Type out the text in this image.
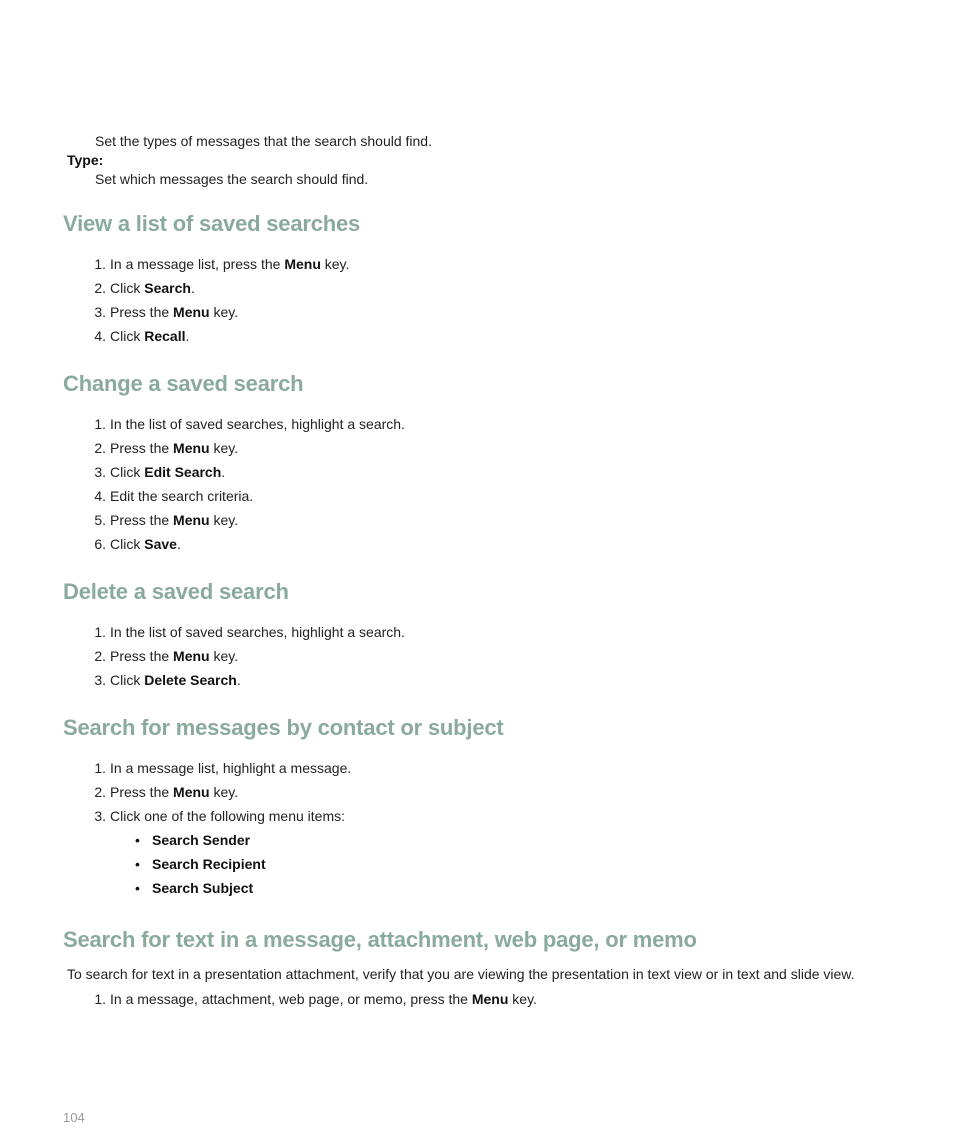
Set the types of messages that the search should find.
Type:
Set which messages the search should find.
View a list of saved searches
1. In a message list, press the Menu key.
2. Click Search.
3. Press the Menu key.
4. Click Recall.
Change a saved search
1. In the list of saved searches, highlight a search.
2. Press the Menu key.
3. Click Edit Search.
4. Edit the search criteria.
5. Press the Menu key.
6. Click Save.
Delete a saved search
1. In the list of saved searches, highlight a search.
2. Press the Menu key.
3. Click Delete Search.
Search for messages by contact or subject
1. In a message list, highlight a message.
2. Press the Menu key.
3. Click one of the following menu items:
• Search Sender
• Search Recipient
• Search Subject
Search for text in a message, attachment, web page, or memo
To search for text in a presentation attachment, verify that you are viewing the presentation in text view or in text and slide view.
1. In a message, attachment, web page, or memo, press the Menu key.
104
